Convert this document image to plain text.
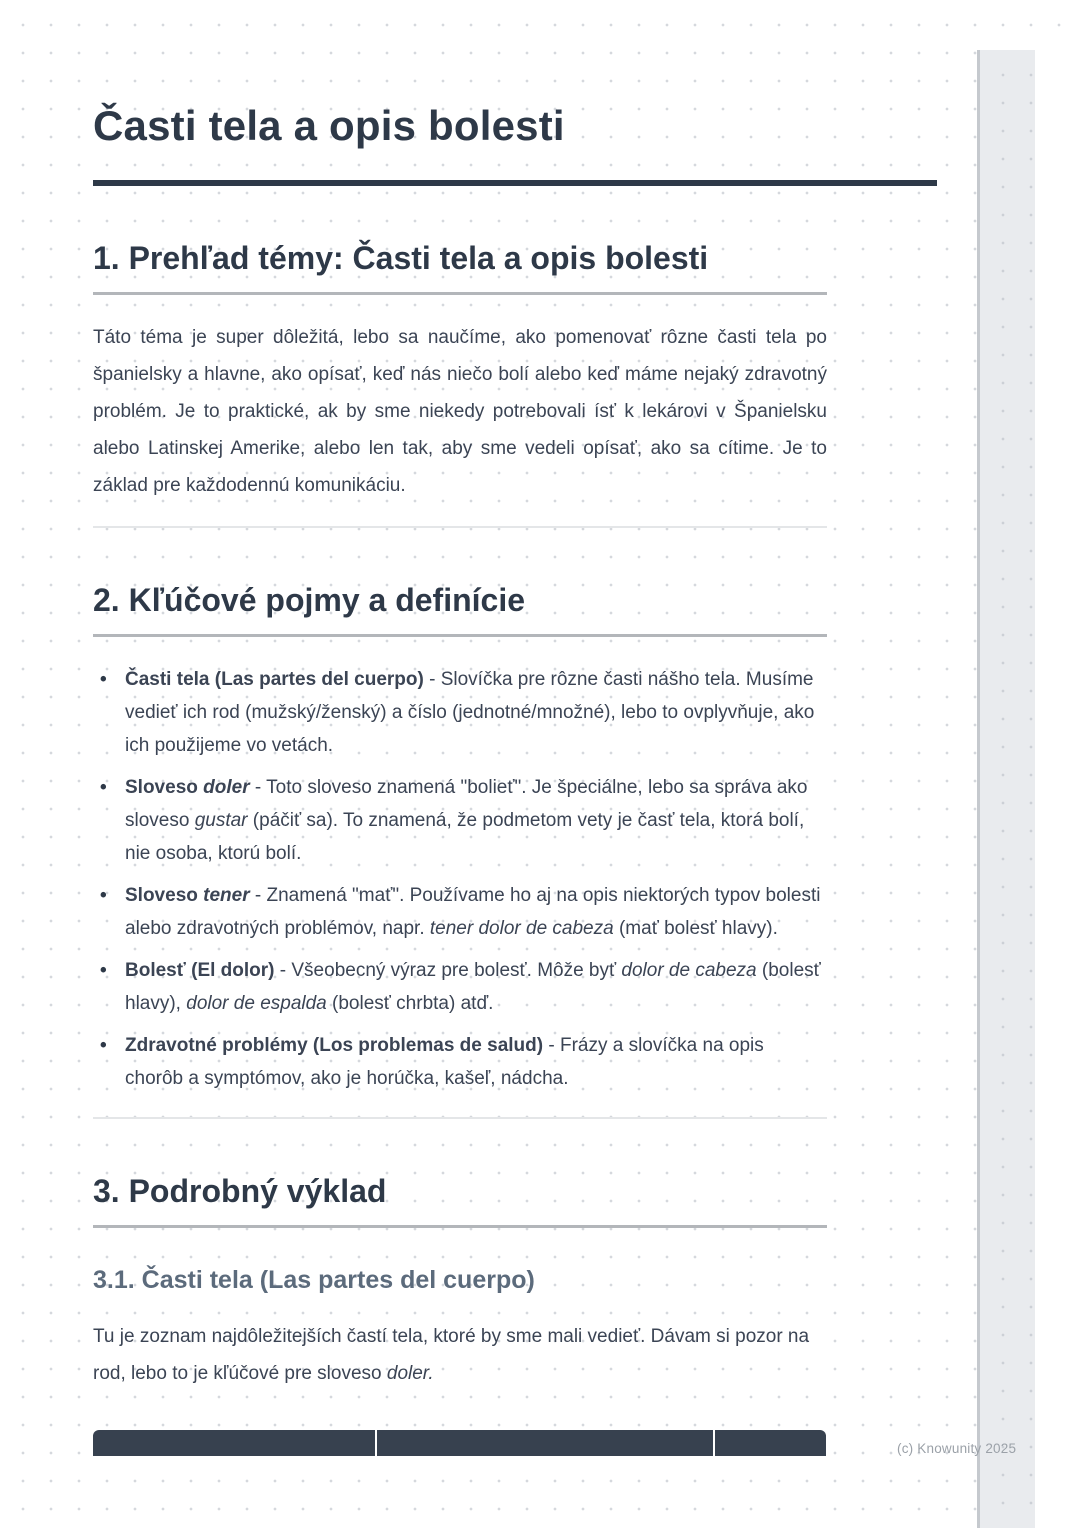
Časti tela a opis bolesti
1. Prehľad témy: Časti tela a opis bolesti

Táto téma je super dôležitá, lebo sa naučíme, ako pomenovať rôzne časti tela po španielsky a hlavne, ako opísať, keď nás niečo bolí alebo keď máme nejaký zdravotný problém. Je to praktické, ak by sme niekedy potrebovali ísť k lekárovi v Španielsku alebo Latinskej Amerike, alebo len tak, aby sme vedeli opísať, ako sa cítime. Je to základ pre každodennú komunikáciu.

2. Kľúčové pojmy a definície
• Časti tela (Las partes del cuerpo) - Slovíčka pre rôzne časti nášho tela. Musíme vedieť ich rod (mužský/ženský) a číslo (jednotné/množné), lebo to ovplyvňuje, ako ich použijeme vo vetách.
• Sloveso doler - Toto sloveso znamená "bolieť". Je špeciálne, lebo sa správa ako sloveso gustar (páčiť sa). To znamená, že podmetom vety je časť tela, ktorá bolí, nie osoba, ktorú bolí.
• Sloveso tener - Znamená "mať". Používame ho aj na opis niektorých typov bolesti alebo zdravotných problémov, napr. tener dolor de cabeza (mať bolesť hlavy).
• Bolesť (El dolor) - Všeobecný výraz pre bolesť. Môže byť dolor de cabeza (bolesť hlavy), dolor de espalda (bolesť chrbta) atď.
• Zdravotné problémy (Los problemas de salud) - Frázy a slovíčka na opis chorôb a symptómov, ako je horúčka, kašeľ, nádcha.
3. Podrobný výklad
3.1. Časti tela (Las partes del cuerpo)

Tu je zoznam najdôležitejších častí tela, ktoré by sme mali vedieť. Dávam si pozor na rod, lebo to je kľúčové pre sloveso doler.

(c) Knowunity 2025
